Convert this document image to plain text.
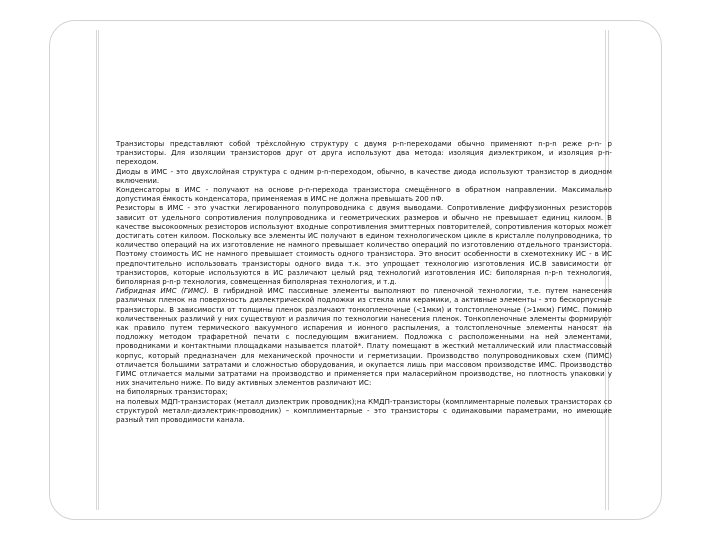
Транзисторы представляют собой трёхслойную структуру с двумя р-n-переходами обычно применяют n-р-n реже р-n- р транзисторы. Для изоляции транзисторов друг от друга используют два метода: изоляция диэлектриком, и изоляция р-n-переходом.

Диоды в ИМС - это двухслойная структура с одним р-n-переходом, обычно, в качестве диода используют транзистор в диодном включении.

Конденсаторы в ИМС - получают на основе р-n-перехода транзистора смещённого в обратном направлении. Максимально допустимая ёмкость конденсатора, применяемая в ИМС не должна превышать 200 пФ.

Резисторы в ИМС - это участки легированного полупроводника с двумя выводами. Сопротивление диффузионных резисторов зависит от удельного сопротивления полупроводника и геометрических размеров и обычно не превышает единиц килоом. В качестве высокоомных резисторов используют входные сопротивления эмиттерных повторителей, сопротивления которых может достигать сотен килоом. Поскольку все элементы ИС получают в едином технологическом цикле в кристалле полупроводника, то количество операций на их изготовление не намного превышает количество операций по изготовлению отдельного транзистора. Поэтому стоимость ИС не намного превышает стоимость одного транзистора. Это вносит особенности в схемотехнику ИС - в ИС предпочтительно использовать транзисторы одного вида т.к. это упрощает технологию изготовления ИС.В зависимости от транзисторов, которые используются в ИС различают целый ряд технологий изготовления ИС: биполярная n-р-n технология, биполярная р-n-р технология, совмещенная биполярная технология, и т.д.

Гибридная ИМС (ГИМС). В гибридной ИМС пассивные элементы выполняют по пленочной технологии, т.е. путем нанесения различных пленок на поверхность диэлектрической подложки из стекла или керамики, а активные элементы - это бескорпусные транзисторы. В зависимости от толщины пленок различают тонкопленочные (<1мкм) и толстопленочные (>1мкм) ГИМС. Помимо количественных различий у них существуют и различия по технологии нанесения пленок. Тонкопленочные элементы формируют как правило путем термического вакуумного испарения и ионного распыления, а толстопленочные элементы наносят на подложку методом трафаретной печати с последующим вжиганием. Подложка с расположенными на ней элементами, проводниками и контактными площадками называется платой*. Плату помещают в жесткий металлический или пластмассовый корпус, который предназначен для механической прочности и герметизации. Производство полупроводниковых схем (ПИМС) отличается большими затратами и сложностью оборудования, и окупается лишь при массовом производстве ИМС. Производство ГИМС отличается малыми затратами на производство и применяется при маласерийном производстве, но плотность упаковки у них значительно ниже. По виду активных элементов различают ИС:

на биполярных транзисторах;

на полевых МДП-транзисторах (металл диэлектрик проводник);на КМДП-транзисторы (комплиментарные полевых транзисторах со структурой металл-диэлектрик-проводник) – комплиментарные - это транзисторы с одинаковыми параметрами, но имеющие разный тип проводимости канала.
